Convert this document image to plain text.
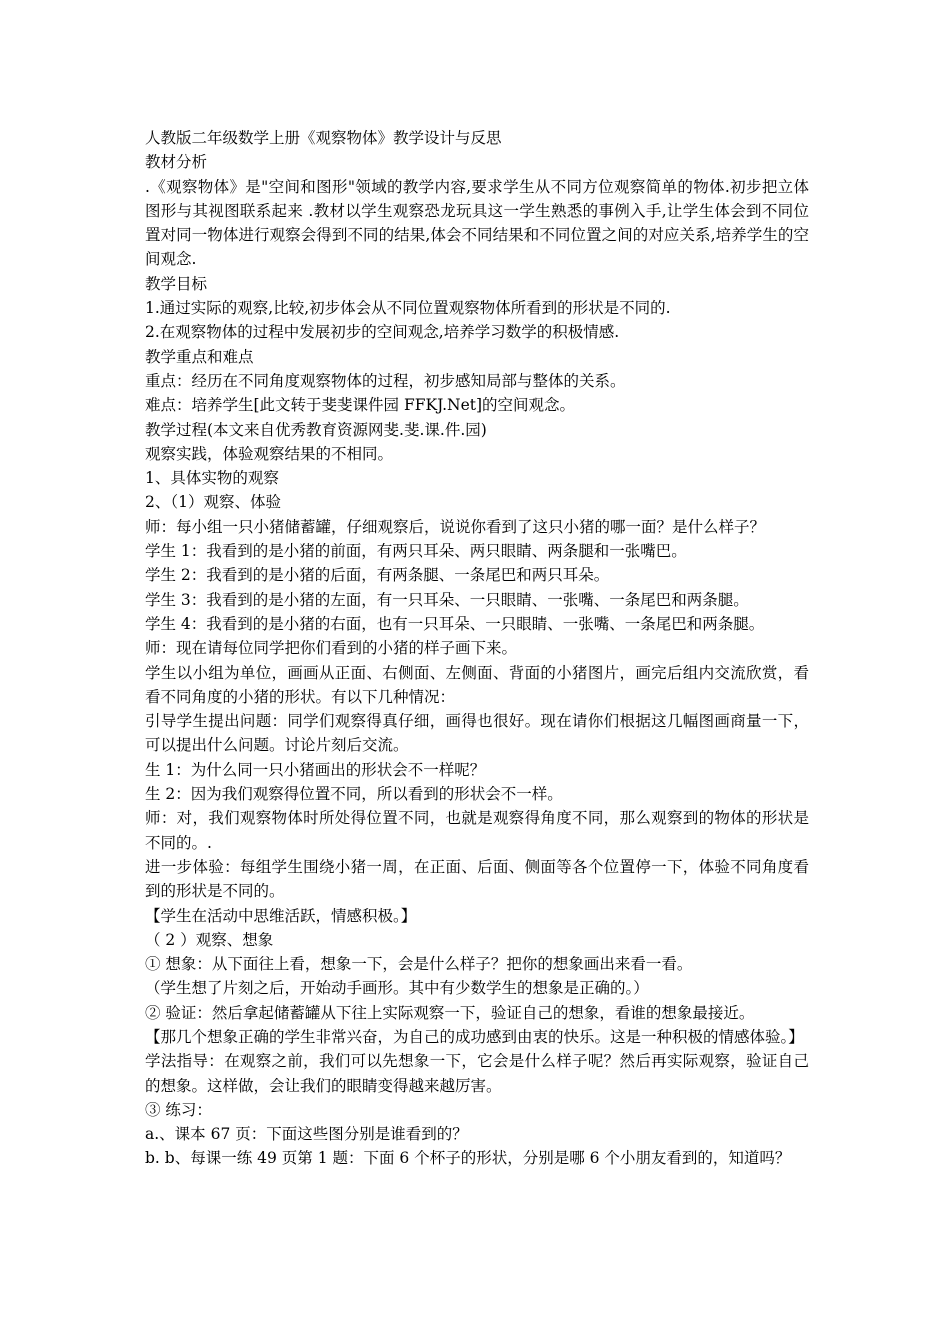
人教版二年级数学上册《观察物体》教学设计与反思

教材分析

.《观察物体》是"空间和图形"领域的教学内容,要求学生从不同方位观察简单的物体.初步把立体图形与其视图联系起来 .教材以学生观察恐龙玩具这一学生熟悉的事例入手,让学生体会到不同位置对同一物体进行观察会得到不同的结果,体会不同结果和不同位置之间的对应关系,培养学生的空间观念.

教学目标

1.通过实际的观察,比较,初步体会从不同位置观察物体所看到的形状是不同的.

2.在观察物体的过程中发展初步的空间观念,培养学习数学的积极情感.

教学重点和难点

重点：经历在不同角度观察物体的过程，初步感知局部与整体的关系。

难点：培养学生[此文转于斐斐课件园 FFKJ.Net]的空间观念。

教学过程(本文来自优秀教育资源网斐.斐.课.件.园)

观察实践，体验观察结果的不相同。

1、具体实物的观察

2、（1）观察、体验

师：每小组一只小猪储蓄罐，仔细观察后，说说你看到了这只小猪的哪一面？是什么样子？

学生 1：我看到的是小猪的前面，有两只耳朵、两只眼睛、两条腿和一张嘴巴。

学生 2：我看到的是小猪的后面，有两条腿、一条尾巴和两只耳朵。

学生 3：我看到的是小猪的左面，有一只耳朵、一只眼睛、一张嘴、一条尾巴和两条腿。

学生 4：我看到的是小猪的右面，也有一只耳朵、一只眼睛、一张嘴、一条尾巴和两条腿。

师：现在请每位同学把你们看到的小猪的样子画下来。

学生以小组为单位，画画从正面、右侧面、左侧面、背面的小猪图片，画完后组内交流欣赏，看看不同角度的小猪的形状。有以下几种情况：

引导学生提出问题：同学们观察得真仔细，画得也很好。现在请你们根据这几幅图画商量一下，可以提出什么问题。讨论片刻后交流。

生 1：为什么同一只小猪画出的形状会不一样呢？

生 2：因为我们观察得位置不同，所以看到的形状会不一样。

师：对，我们观察物体时所处得位置不同，也就是观察得角度不同，那么观察到的物体的形状是不同的。.

进一步体验：每组学生围绕小猪一周，在正面、后面、侧面等各个位置停一下，体验不同角度看到的形状是不同的。

【学生在活动中思维活跃，情感积极。】

（ 2 ）观察、想象

① 想象：从下面往上看，想象一下，会是什么样子？把你的想象画出来看一看。

（学生想了片刻之后，开始动手画形。其中有少数学生的想象是正确的。）

② 验证：然后拿起储蓄罐从下往上实际观察一下，验证自己的想象，看谁的想象最接近。

【那几个想象正确的学生非常兴奋，为自己的成功感到由衷的快乐。这是一种积极的情感体验。】

学法指导：在观察之前，我们可以先想象一下，它会是什么样子呢？然后再实际观察，验证自己的想象。这样做，会让我们的眼睛变得越来越厉害。

③ 练习：

a.、课本 67 页：下面这些图分别是谁看到的？

b. b、每课一练 49 页第 1 题：下面 6 个杯子的形状，分别是哪 6 个小朋友看到的，知道吗？
